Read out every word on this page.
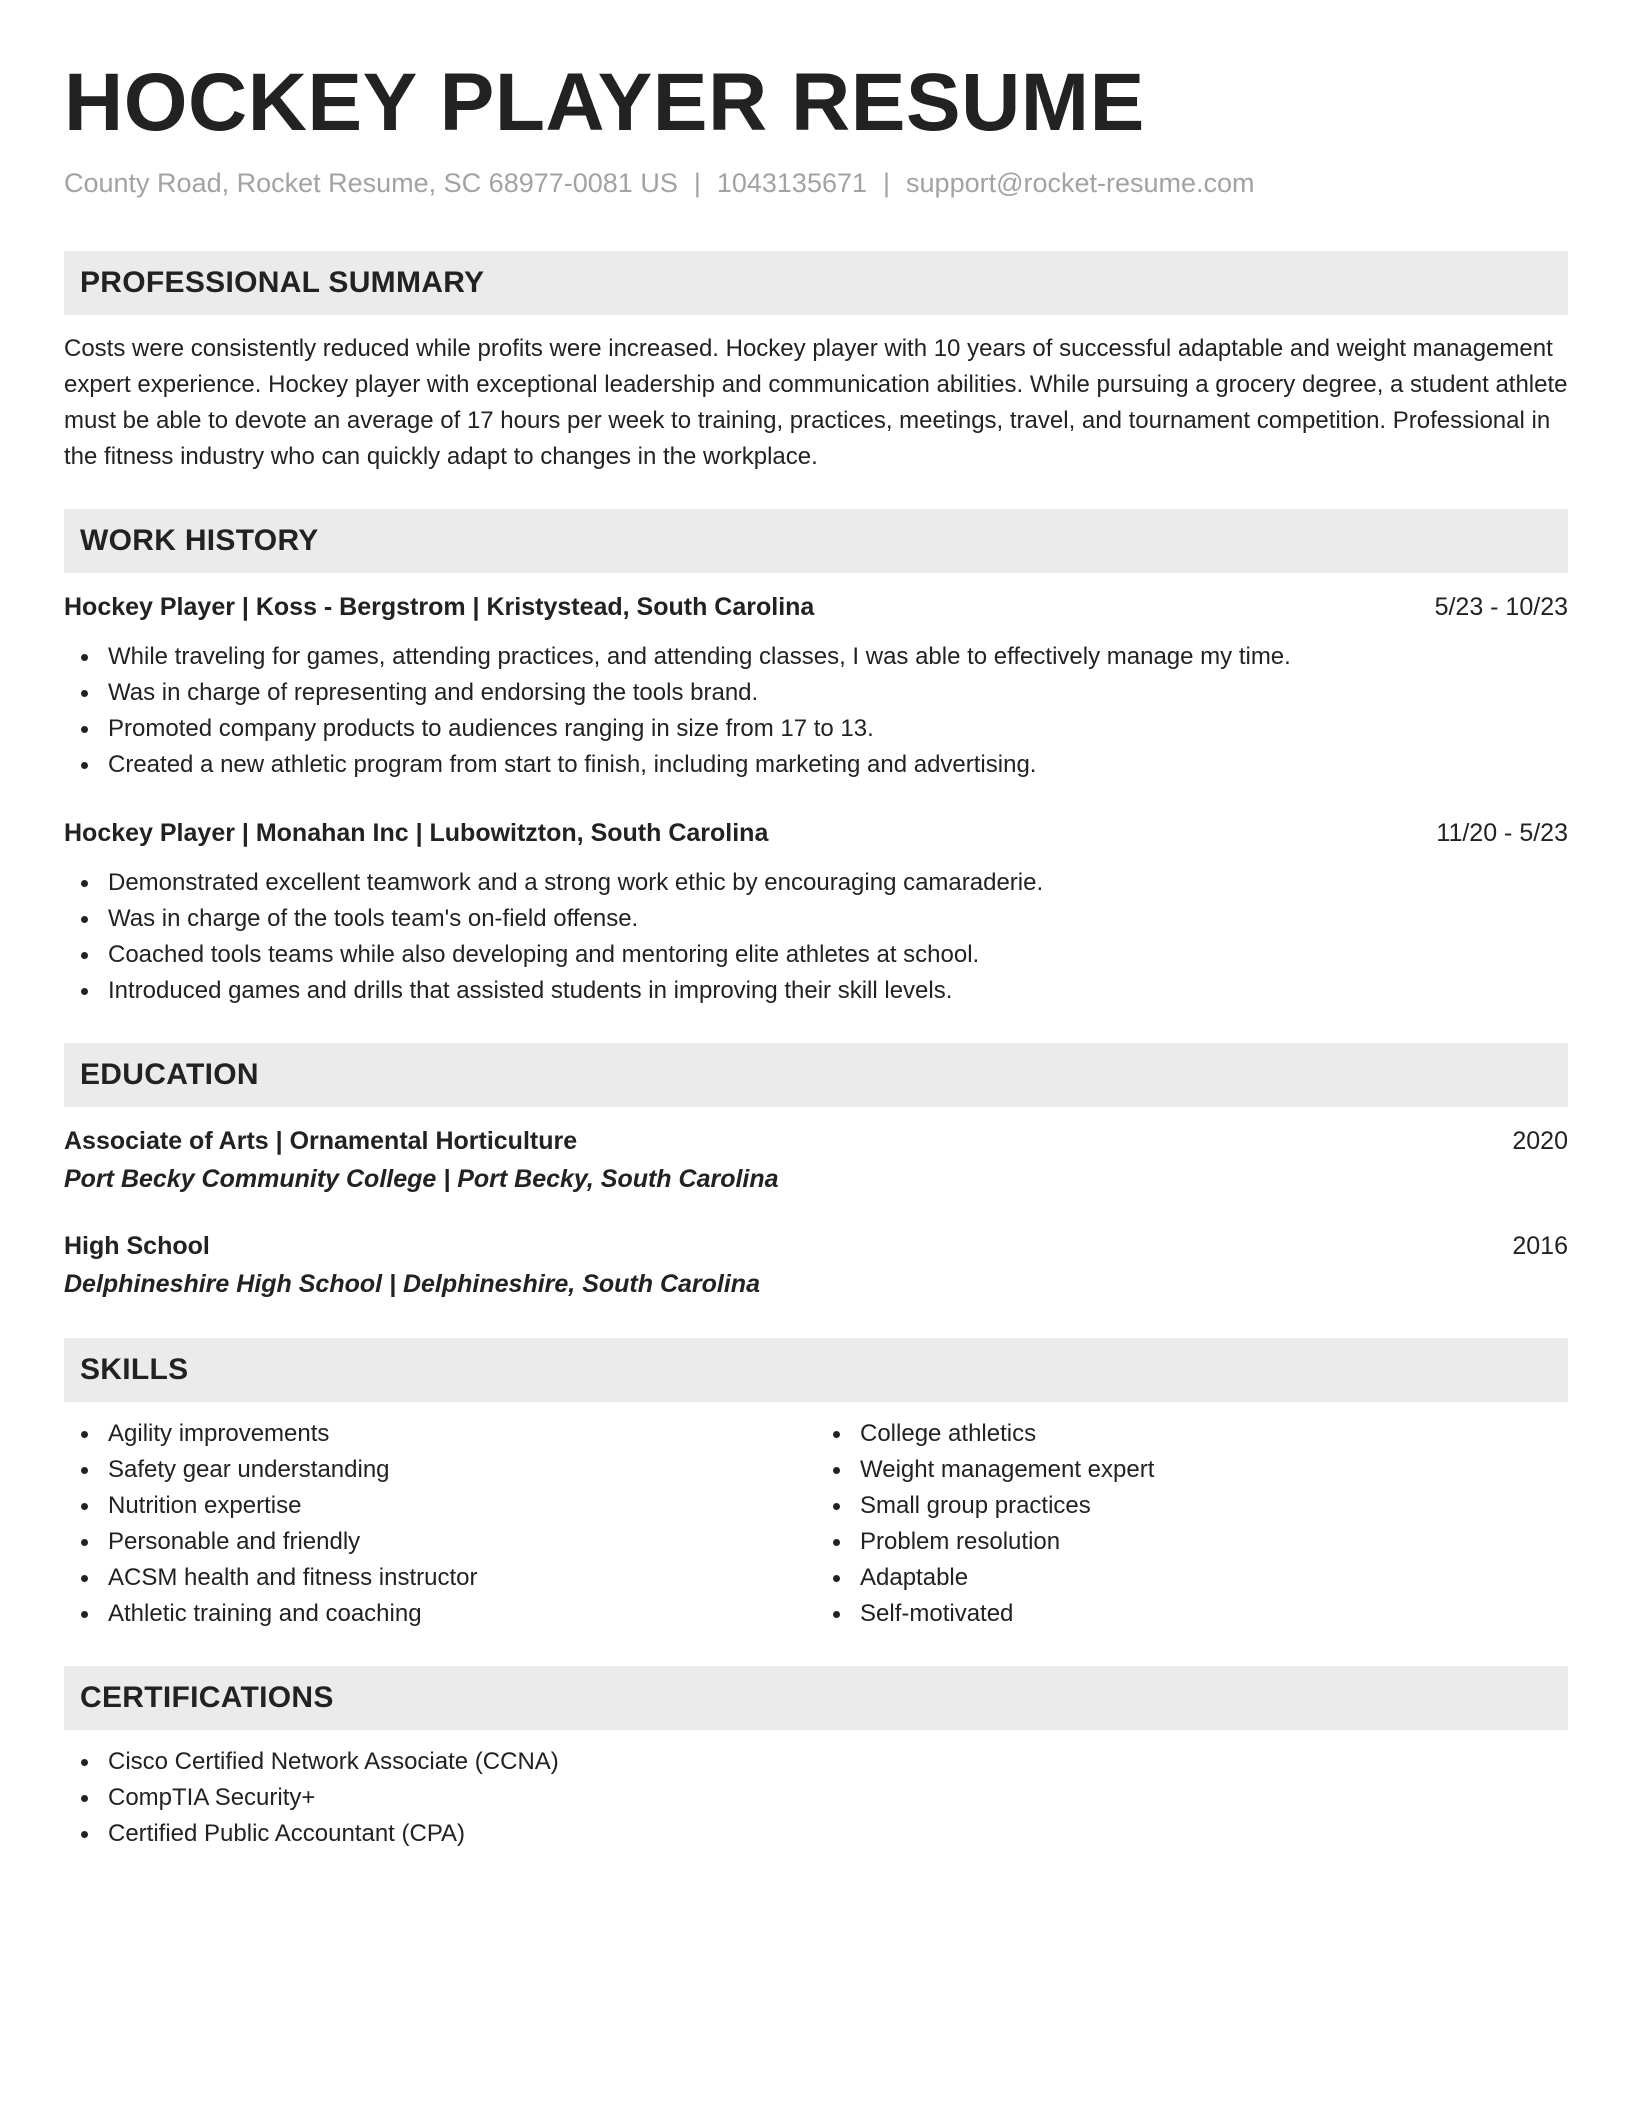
HOCKEY PLAYER RESUME
County Road, Rocket Resume, SC 68977-0081 US | 1043135671 | support@rocket-resume.com
PROFESSIONAL SUMMARY
Costs were consistently reduced while profits were increased. Hockey player with 10 years of successful adaptable and weight management expert experience. Hockey player with exceptional leadership and communication abilities. While pursuing a grocery degree, a student athlete must be able to devote an average of 17 hours per week to training, practices, meetings, travel, and tournament competition. Professional in the fitness industry who can quickly adapt to changes in the workplace.
WORK HISTORY
Hockey Player | Koss - Bergstrom | Kristystead, South Carolina	5/23 - 10/23
While traveling for games, attending practices, and attending classes, I was able to effectively manage my time.
Was in charge of representing and endorsing the tools brand.
Promoted company products to audiences ranging in size from 17 to 13.
Created a new athletic program from start to finish, including marketing and advertising.
Hockey Player | Monahan Inc | Lubowitzton, South Carolina	11/20 - 5/23
Demonstrated excellent teamwork and a strong work ethic by encouraging camaraderie.
Was in charge of the tools team's on-field offense.
Coached tools teams while also developing and mentoring elite athletes at school.
Introduced games and drills that assisted students in improving their skill levels.
EDUCATION
Associate of Arts | Ornamental Horticulture	2020
Port Becky Community College | Port Becky, South Carolina
High School	2016
Delphineshire High School | Delphineshire, South Carolina
SKILLS
Agility improvements
Safety gear understanding
Nutrition expertise
Personable and friendly
ACSM health and fitness instructor
Athletic training and coaching
College athletics
Weight management expert
Small group practices
Problem resolution
Adaptable
Self-motivated
CERTIFICATIONS
Cisco Certified Network Associate (CCNA)
CompTIA Security+
Certified Public Accountant (CPA)
